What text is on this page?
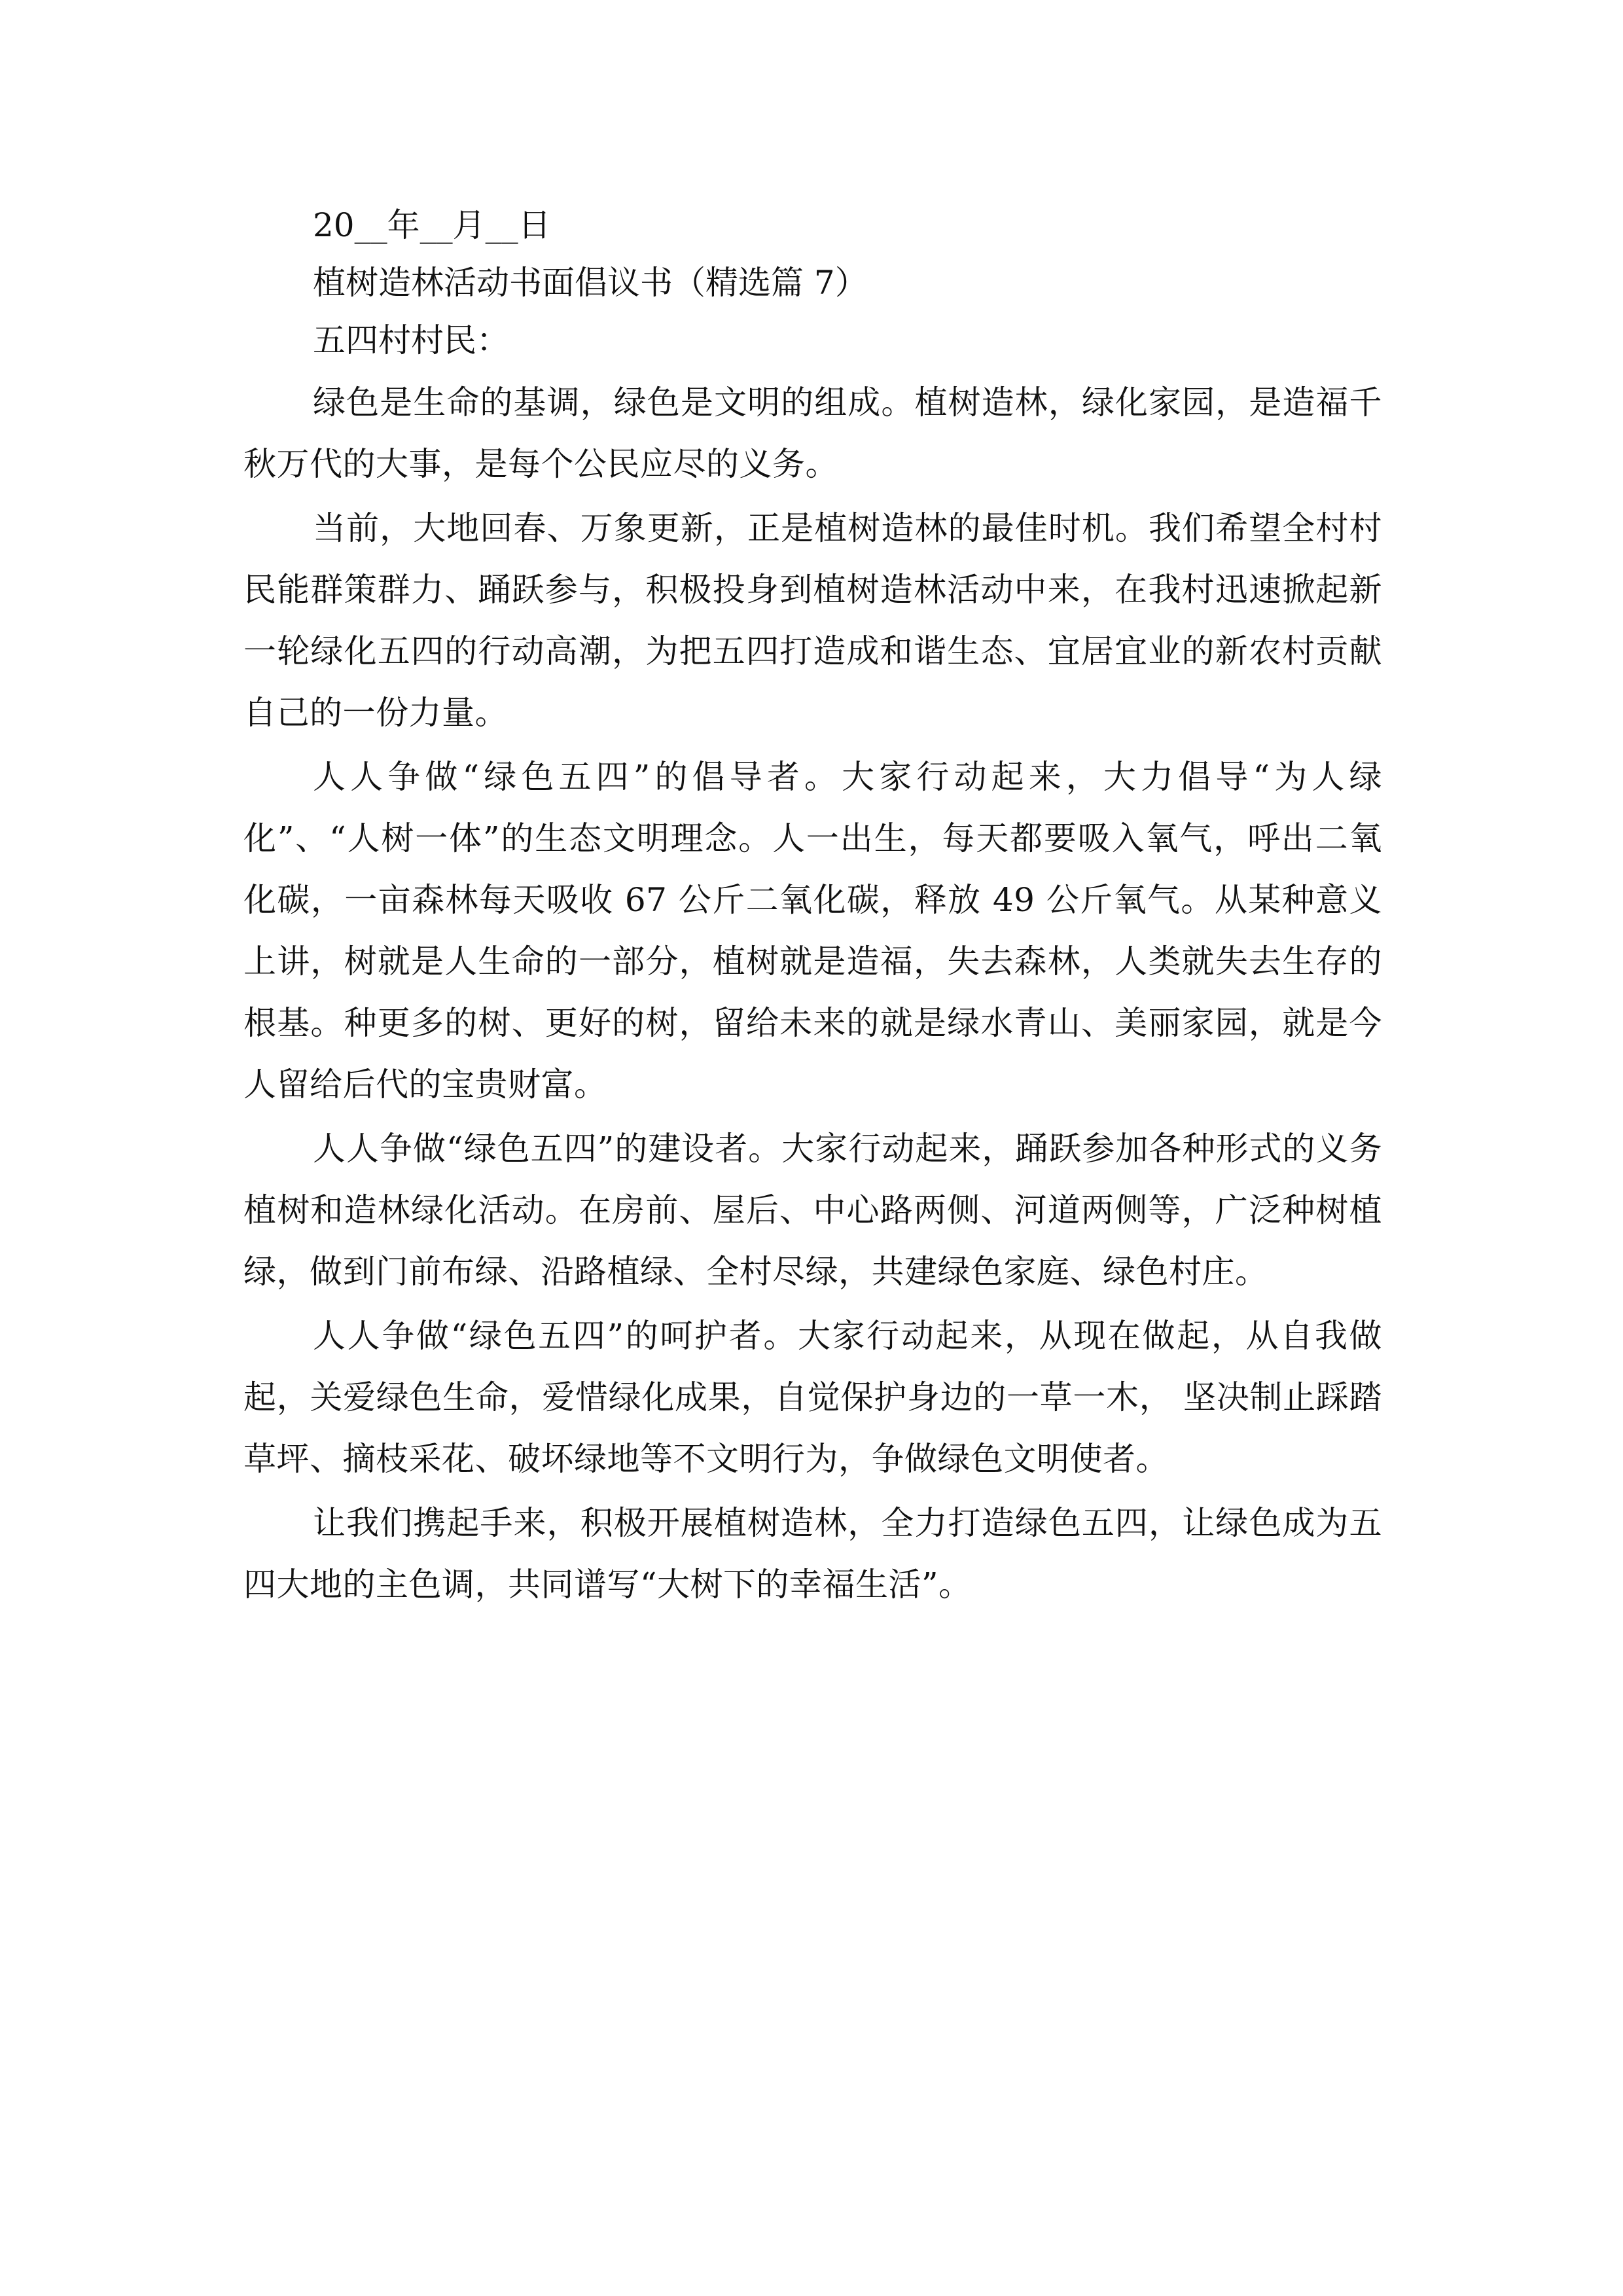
20__年__月__日

植树造林活动书面倡议书（精选篇 7）

五四村村民：

绿色是生命的基调，绿色是文明的组成。植树造林，绿化家园，是造福千秋万代的大事，是每个公民应尽的义务。

当前，大地回春、万象更新，正是植树造林的最佳时机。我们希望全村村民能群策群力、踊跃参与，积极投身到植树造林活动中来，在我村迅速掀起新一轮绿化五四的行动高潮，为把五四打造成和谐生态、宜居宜业的新农村贡献自己的一份力量。

人人争做“绿色五四”的倡导者。大家行动起来，大力倡导“为人绿化”、“人树一体”的生态文明理念。人一出生，每天都要吸入氧气，呼出二氧化碳，一亩森林每天吸收 67 公斤二氧化碳，释放 49 公斤氧气。从某种意义上讲，树就是人生命的一部分，植树就是造福，失去森林，人类就失去生存的根基。种更多的树、更好的树，留给未来的就是绿水青山、美丽家园，就是今人留给后代的宝贵财富。

人人争做“绿色五四”的建设者。大家行动起来，踊跃参加各种形式的义务植树和造林绿化活动。在房前、屋后、中心路两侧、河道两侧等，广泛种树植绿，做到门前布绿、沿路植绿、全村尽绿，共建绿色家庭、绿色村庄。

人人争做“绿色五四”的呵护者。大家行动起来，从现在做起，从自我做起，关爱绿色生命，爱惜绿化成果，自觉保护身边的一草一木， 坚决制止踩踏草坪、摘枝采花、破坏绿地等不文明行为，争做绿色文明使者。

让我们携起手来，积极开展植树造林，全力打造绿色五四，让绿色成为五四大地的主色调，共同谱写“大树下的幸福生活”。
